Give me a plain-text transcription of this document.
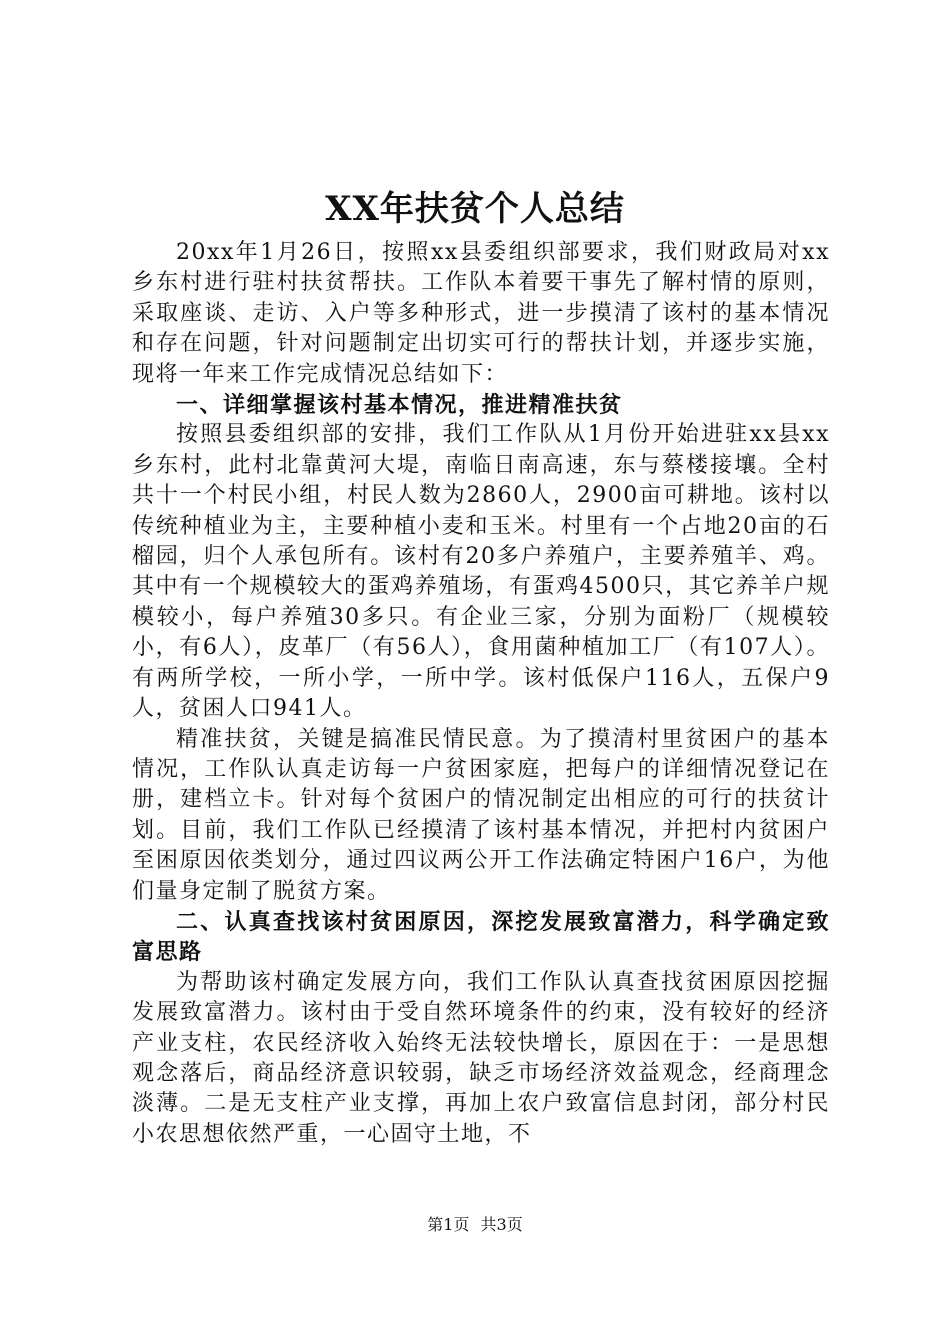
XX年扶贫个人总结

20xx年1月26日，按照xx县委组织部要求，我们财政局对xx乡东村进行驻村扶贫帮扶。工作队本着要干事先了解村情的原则，采取座谈、走访、入户等多种形式，进一步摸清了该村的基本情况和存在问题，针对问题制定出切实可行的帮扶计划，并逐步实施，现将一年来工作完成情况总结如下：

一、详细掌握该村基本情况，推进精准扶贫

按照县委组织部的安排，我们工作队从1月份开始进驻xx县xx乡东村，此村北靠黄河大堤，南临日南高速，东与蔡楼接壤。全村共十一个村民小组，村民人数为2860人，2900亩可耕地。该村以传统种植业为主，主要种植小麦和玉米。村里有一个占地20亩的石榴园，归个人承包所有。该村有20多户养殖户，主要养殖羊、鸡。其中有一个规模较大的蛋鸡养殖场，有蛋鸡4500只，其它养羊户规模较小，每户养殖30多只。有企业三家，分别为面粉厂（规模较小，有6人），皮革厂（有56人），食用菌种植加工厂（有107人）。有两所学校，一所小学，一所中学。该村低保户116人，五保户9人，贫困人口941人。

精准扶贫，关键是搞准民情民意。为了摸清村里贫困户的基本情况，工作队认真走访每一户贫困家庭，把每户的详细情况登记在册，建档立卡。针对每个贫困户的情况制定出相应的可行的扶贫计划。目前，我们工作队已经摸清了该村基本情况，并把村内贫困户至困原因依类划分，通过四议两公开工作法确定特困户16户，为他们量身定制了脱贫方案。

二、认真查找该村贫困原因，深挖发展致富潜力，科学确定致富思路

为帮助该村确定发展方向，我们工作队认真查找贫困原因挖掘发展致富潜力。该村由于受自然环境条件的约束，没有较好的经济产业支柱，农民经济收入始终无法较快增长，原因在于：一是思想观念落后，商品经济意识较弱，缺乏市场经济效益观念，经商理念淡薄。二是无支柱产业支撑，再加上农户致富信息封闭，部分村民小农思想依然严重，一心固守土地，不

第1页 共3页
